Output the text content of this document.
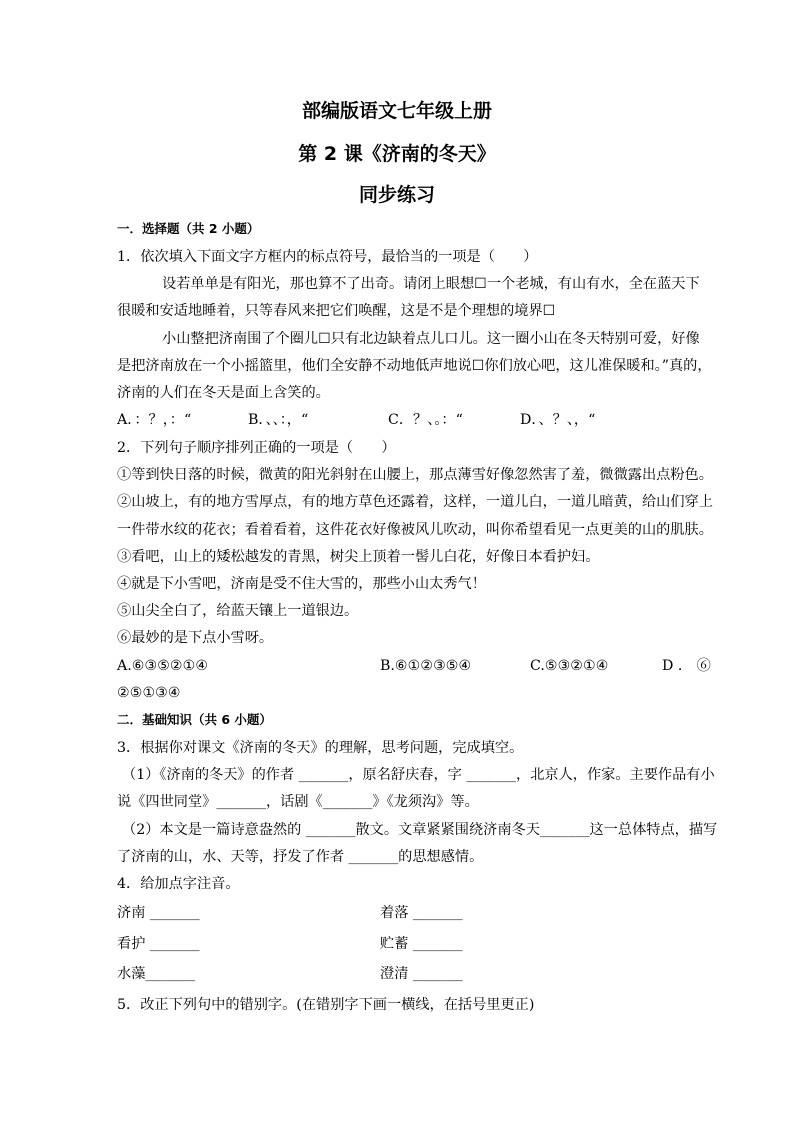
部编版语文七年级上册
第 2 课《济南的冬天》
同步练习
一．选择题（共 2 小题）
1．依次填入下面文字方框内的标点符号，最恰当的一项是（　　）
设若单单是有阳光，那也算不了出奇。请闭上眼想☐一个老城，有山有水，全在蓝天下
很暖和安适地睡着，只等春风来把它们唤醒，这是不是个理想的境界☐
小山整把济南围了个圈儿☐只有北边缺着点儿口儿。这一圈小山在冬天特别可爱，好像
是把济南放在一个小摇篮里，他们全安静不动地低声地说☐你们放心吧，这儿准保暖和。”真的，
济南的人们在冬天是面上含笑的。
A．：？，：“	B．、、：，“	C．？、。：“	D．、？、，“
2．下列句子顺序排列正确的一项是（　　）
①等到快日落的时候，微黄的阳光斜射在山腰上，那点薄雪好像忽然害了羞，微微露出点粉色。
②山坡上，有的地方雪厚点，有的地方草色还露着，这样，一道儿白，一道儿暗黄，给山们穿上
一件带水纹的花衣；看着看着，这件花衣好像被风儿吹动，叫你希望看见一点更美的山的肌肤。
③看吧，山上的矮松越发的青黑，树尖上顶着一髻儿白花，好像日本看护妇。
④就是下小雪吧，济南是受不住大雪的，那些小山太秀气！
⑤山尖全白了，给蓝天镶上一道银边。
⑥最妙的是下点小雪呀。
A.⑥③⑤②①④	B.⑥①②③⑤④	C.⑤③②①④	D ． ⑥
②⑤①③④
二．基础知识（共 6 小题）
3．根据你对课文《济南的冬天》的理解，思考问题，完成填空。
（1）《济南的冬天》的作者 _______，原名舒庆春，字 _______，北京人，作家。主要作品有小
说《四世同堂》_______，话剧《_______》《龙须沟》等。
（2）本文是一篇诗意盎然的 _______散文。文章紧紧围绕济南冬天_______这一总体特点，描写
了济南的山，水、天等，抒发了作者 _______的思想感情。
4．给加点字注音。
济南 _______	着落 _______
看护 _______	贮蓄 _______
水藻_______	澄清 _______
5．改正下列句中的错别字。(在错别字下画一横线，在括号里更正)
